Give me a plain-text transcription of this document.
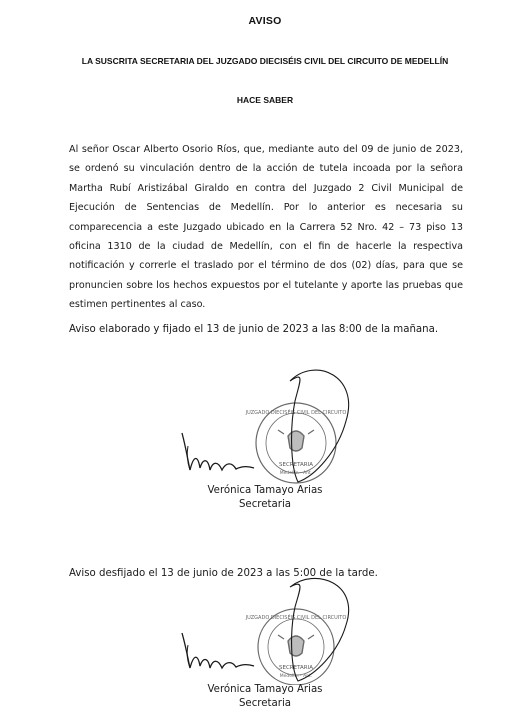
AVISO
LA SUSCRITA SECRETARIA DEL JUZGADO DIECISÉIS CIVIL DEL CIRCUITO DE MEDELLÍN
HACE SABER

Al señor Oscar Alberto Osorio Ríos, que, mediante auto del 09 de junio de 2023, se ordenó su vinculación dentro de la acción de tutela incoada por la señora Martha Rubí Aristizábal Giraldo en contra del Juzgado 2 Civil Municipal de Ejecución de Sentencias de Medellín. Por lo anterior es necesaria su comparecencia a este Juzgado ubicado en la Carrera 52 Nro. 42 – 73 piso 13 oficina 1310 de la ciudad de Medellín, con el fin de hacerle la respectiva notificación y correrle el traslado por el término de dos (02) días, para que se pronuncien sobre los hechos expuestos por el tutelante y aporte las pruebas que estimen pertinentes al caso.

Aviso elaborado y fijado el 13 de junio de 2023 a las 8:00 de la mañana.

JUZGADO DIECISÉIS CIVIL DEL CIRCUITO
SECRETARIA
Medellín - Ant.
Verónica Tamayo Arias
Secretaria

Aviso desfijado el 13 de junio de 2023 a las 5:00 de la tarde.

JUZGADO DIECISÉIS CIVIL DEL CIRCUITO
SECRETARIA
Medellín - Ant.
Verónica Tamayo Arias
Secretaria
